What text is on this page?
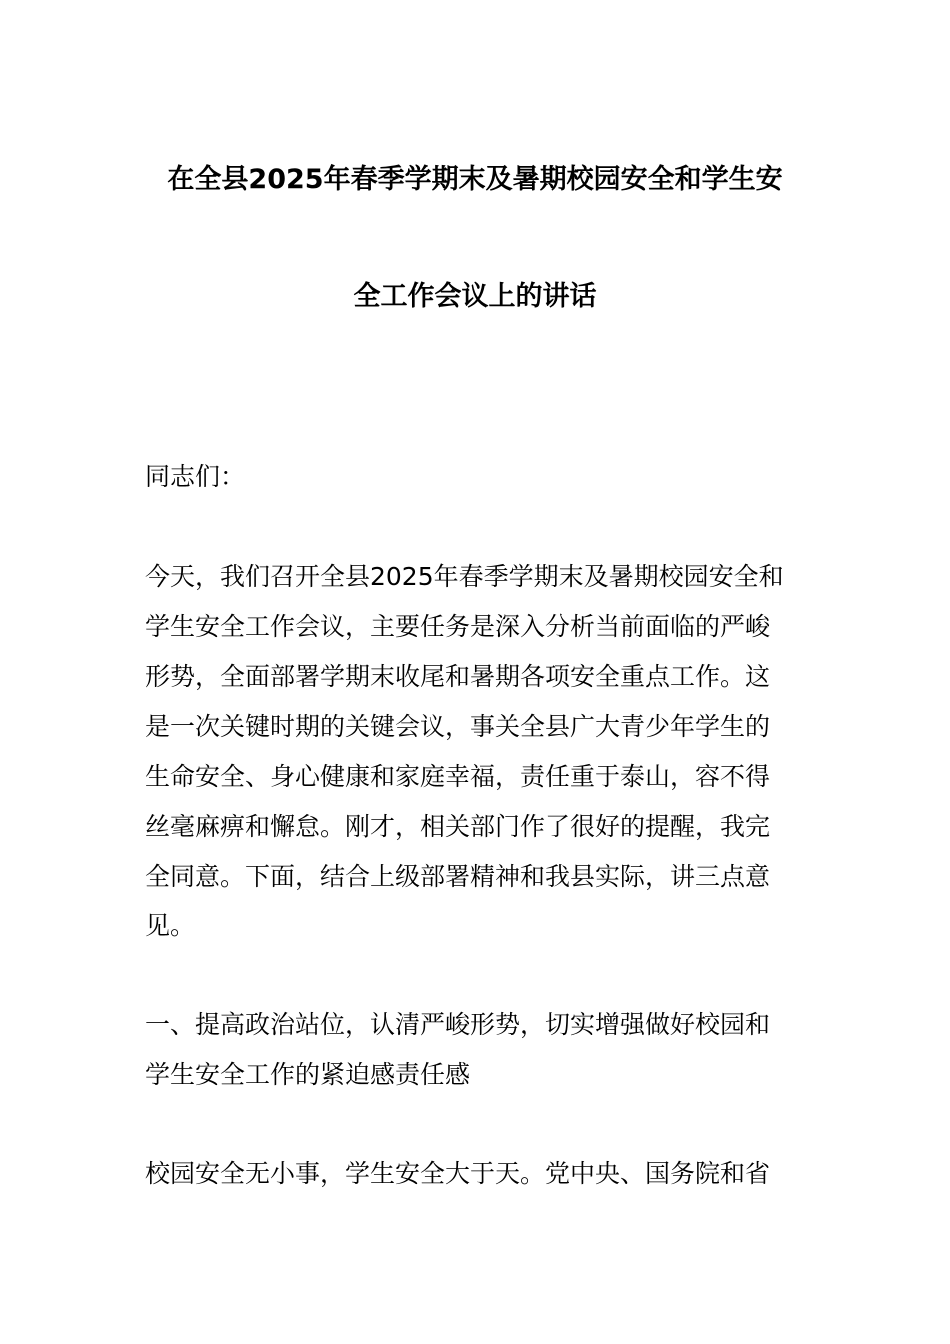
在全县2025年春季学期末及暑期校园安全和学生安
全工作会议上的讲话
同志们：
今天，我们召开全县2025年春季学期末及暑期校园安全和
学生安全工作会议，主要任务是深入分析当前面临的严峻
形势，全面部署学期末收尾和暑期各项安全重点工作。这
是一次关键时期的关键会议，事关全县广大青少年学生的
生命安全、身心健康和家庭幸福，责任重于泰山，容不得
丝毫麻痹和懈怠。刚才，相关部门作了很好的提醒，我完
全同意。下面，结合上级部署精神和我县实际，讲三点意
见。
一、提高政治站位，认清严峻形势，切实增强做好校园和
学生安全工作的紧迫感责任感
校园安全无小事，学生安全大于天。党中央、国务院和省
